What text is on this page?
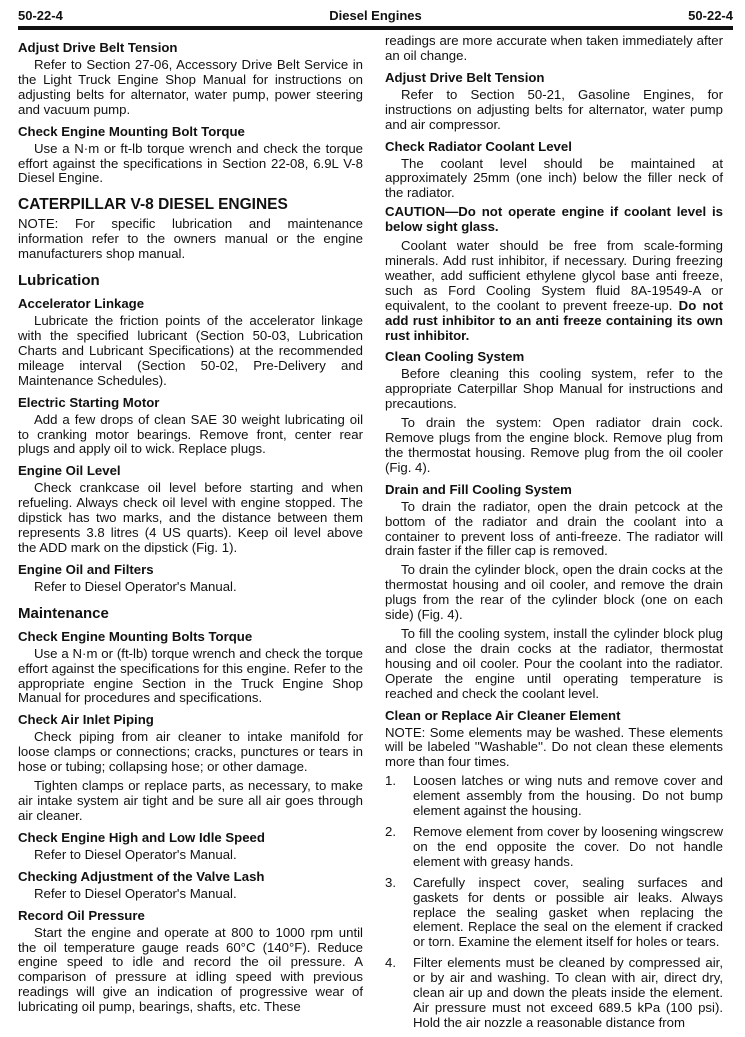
50-22-4	Diesel Engines	50-22-4
Adjust Drive Belt Tension

Refer to Section 27-06, Accessory Drive Belt Service in the Light Truck Engine Shop Manual for instructions on adjusting belts for alternator, water pump, power steering and vacuum pump.

Check Engine Mounting Bolt Torque

Use a N·m or ft-lb torque wrench and check the torque effort against the specifications in Section 22-08, 6.9L V-8 Diesel Engine.

CATERPILLAR V-8 DIESEL ENGINES

NOTE: For specific lubrication and maintenance information refer to the owners manual or the engine manufacturers shop manual.

Lubrication
Accelerator Linkage

Lubricate the friction points of the accelerator linkage with the specified lubricant (Section 50-03, Lubrication Charts and Lubricant Specifications) at the recommended mileage interval (Section 50-02, Pre-Delivery and Maintenance Schedules).

Electric Starting Motor

Add a few drops of clean SAE 30 weight lubricating oil to cranking motor bearings. Remove front, center rear plugs and apply oil to wick. Replace plugs.

Engine Oil Level

Check crankcase oil level before starting and when refueling. Always check oil level with engine stopped. The dipstick has two marks, and the distance between them represents 3.8 litres (4 US quarts). Keep oil level above the ADD mark on the dipstick (Fig. 1).

Engine Oil and Filters

Refer to Diesel Operator's Manual.

Maintenance
Check Engine Mounting Bolts Torque

Use a N·m or (ft-lb) torque wrench and check the torque effort against the specifications for this engine. Refer to the appropriate engine Section in the Truck Engine Shop Manual for procedures and specifications.

Check Air Inlet Piping

Check piping from air cleaner to intake manifold for loose clamps or connections; cracks, punctures or tears in hose or tubing; collapsing hose; or other damage.

Tighten clamps or replace parts, as necessary, to make air intake system air tight and be sure all air goes through air cleaner.

Check Engine High and Low Idle Speed

Refer to Diesel Operator's Manual.

Checking Adjustment of the Valve Lash

Refer to Diesel Operator's Manual.

Record Oil Pressure

Start the engine and operate at 800 to 1000 rpm until the oil temperature gauge reads 60°C (140°F). Reduce engine speed to idle and record the oil pressure. A comparison of pressure at idling speed with previous readings will give an indication of progressive wear of lubricating oil pump, bearings, shafts, etc. These

readings are more accurate when taken immediately after an oil change.

Adjust Drive Belt Tension

Refer to Section 50-21, Gasoline Engines, for instructions on adjusting belts for alternator, water pump and air compressor.

Check Radiator Coolant Level

The coolant level should be maintained at approximately 25mm (one inch) below the filler neck of the radiator.

CAUTION—Do not operate engine if coolant level is below sight glass.

Coolant water should be free from scale-forming minerals. Add rust inhibitor, if necessary. During freezing weather, add sufficient ethylene glycol base anti freeze, such as Ford Cooling System fluid 8A-19549-A or equivalent, to the coolant to prevent freeze-up. Do not add rust inhibitor to an anti freeze containing its own rust inhibitor.

Clean Cooling System

Before cleaning this cooling system, refer to the appropriate Caterpillar Shop Manual for instructions and precautions.

To drain the system: Open radiator drain cock. Remove plugs from the engine block. Remove plug from the thermostat housing. Remove plug from the oil cooler (Fig. 4).

Drain and Fill Cooling System

To drain the radiator, open the drain petcock at the bottom of the radiator and drain the coolant into a container to prevent loss of anti-freeze. The radiator will drain faster if the filler cap is removed.

To drain the cylinder block, open the drain cocks at the thermostat housing and oil cooler, and remove the drain plugs from the rear of the cylinder block (one on each side) (Fig. 4).

To fill the cooling system, install the cylinder block plug and close the drain cocks at the radiator, thermostat housing and oil cooler. Pour the coolant into the radiator. Operate the engine until operating temperature is reached and check the coolant level.

Clean or Replace Air Cleaner Element

NOTE: Some elements may be washed. These elements will be labeled ''Washable''. Do not clean these elements more than four times.

1.	Loosen latches or wing nuts and remove cover and element assembly from the housing. Do not bump element against the housing.
2.	Remove element from cover by loosening wingscrew on the end opposite the cover. Do not handle element with greasy hands.
3.	Carefully inspect cover, sealing surfaces and gaskets for dents or possible air leaks. Always replace the sealing gasket when replacing the element. Replace the seal on the element if cracked or torn. Examine the element itself for holes or tears.
4.	Filter elements must be cleaned by compressed air, or by air and washing. To clean with air, direct dry, clean air up and down the pleats inside the element. Air pressure must not exceed 689.5 kPa (100 psi). Hold the air nozzle a reasonable distance from
